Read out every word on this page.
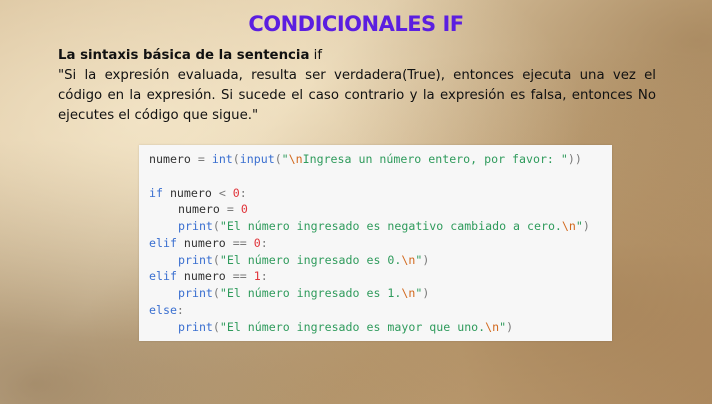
CONDICIONALES IF
La sintaxis básica de la sentencia if
"Si la expresión evaluada, resulta ser verdadera(True), entonces ejecuta una vez el código en la expresión. Si sucede el caso contrario y la expresión es falsa, entonces No ejecutes el código que sigue."
numero = int(input("\nIngresa un número entero, por favor: "))
if numero < 0:
numero = 0
print("El número ingresado es negativo cambiado a cero.\n")
elif numero == 0:
print("El número ingresado es 0.\n")
elif numero == 1:
print("El número ingresado es 1.\n")
else:
print("El número ingresado es mayor que uno.\n")
